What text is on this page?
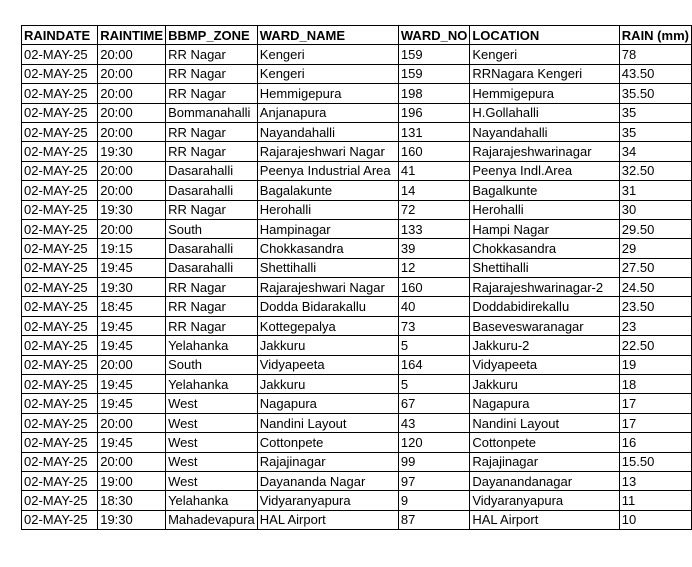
RAINDATE	RAINTIME	BBMP_ZONE	WARD_NAME	WARD_NO	LOCATION	RAIN (mm)
02-MAY-25	20:00	RR Nagar	Kengeri	159	Kengeri	78
02-MAY-25	20:00	RR Nagar	Kengeri	159	RRNagara Kengeri	43.50
02-MAY-25	20:00	RR Nagar	Hemmigepura	198	Hemmigepura	35.50
02-MAY-25	20:00	Bommanahalli	Anjanapura	196	H.Gollahalli	35
02-MAY-25	20:00	RR Nagar	Nayandahalli	131	Nayandahalli	35
02-MAY-25	19:30	RR Nagar	Rajarajeshwari Nagar	160	Rajarajeshwarinagar	34
02-MAY-25	20:00	Dasarahalli	Peenya Industrial Area	41	Peenya Indl.Area	32.50
02-MAY-25	20:00	Dasarahalli	Bagalakunte	14	Bagalkunte	31
02-MAY-25	19:30	RR Nagar	Herohalli	72	Herohalli	30
02-MAY-25	20:00	South	Hampinagar	133	Hampi Nagar	29.50
02-MAY-25	19:15	Dasarahalli	Chokkasandra	39	Chokkasandra	29
02-MAY-25	19:45	Dasarahalli	Shettihalli	12	Shettihalli	27.50
02-MAY-25	19:30	RR Nagar	Rajarajeshwari Nagar	160	Rajarajeshwarinagar-2	24.50
02-MAY-25	18:45	RR Nagar	Dodda Bidarakallu	40	Doddabidirekallu	23.50
02-MAY-25	19:45	RR Nagar	Kottegepalya	73	Baseveswaranagar	23
02-MAY-25	19:45	Yelahanka	Jakkuru	5	Jakkuru-2	22.50
02-MAY-25	20:00	South	Vidyapeeta	164	Vidyapeeta	19
02-MAY-25	19:45	Yelahanka	Jakkuru	5	Jakkuru	18
02-MAY-25	19:45	West	Nagapura	67	Nagapura	17
02-MAY-25	20:00	West	Nandini Layout	43	Nandini Layout	17
02-MAY-25	19:45	West	Cottonpete	120	Cottonpete	16
02-MAY-25	20:00	West	Rajajinagar	99	Rajajinagar	15.50
02-MAY-25	19:00	West	Dayananda Nagar	97	Dayanandanagar	13
02-MAY-25	18:30	Yelahanka	Vidyaranyapura	9	Vidyaranyapura	11
02-MAY-25	19:30	Mahadevapura	HAL Airport	87	HAL Airport	10
